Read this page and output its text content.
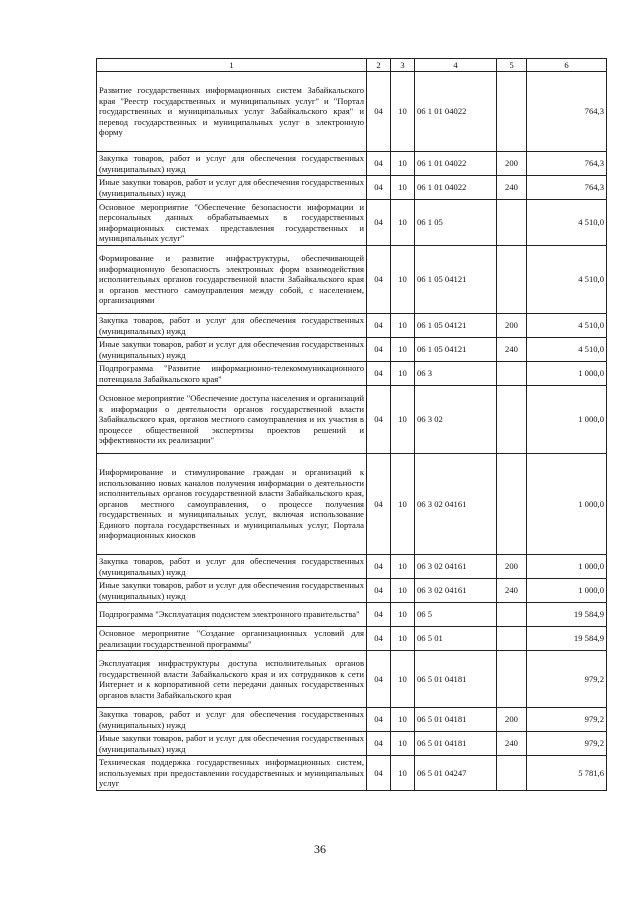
1	2	3	4	5	6
Развитие государственных информационных систем Забайкальского края "Реестр государственных и муниципальных услуг" и "Портал государственных и муниципальных услуг Забайкальского края" и перевод государственных и муниципальных услуг в электронную форму	04	10	06 1 01 04022		764,3
Закупка товаров, работ и услуг для обеспечения государственных (муниципальных) нужд	04	10	06 1 01 04022	200	764,3
Иные закупки товаров, работ и услуг для обеспечения государственных (муниципальных) нужд	04	10	06 1 01 04022	240	764,3
Основное мероприятие "Обеспечение безопасности информации и персональных данных обрабатываемых в государственных информационных системах представления государственных и муниципальных услуг"	04	10	06 1 05		4 510,0
Формирование и развитие инфраструктуры, обеспечивающей информационную безопасность электронных форм взаимодействия исполнительных органов государственной власти Забайкальского края и органов местного самоуправления между собой, с населением, организациями	04	10	06 1 05 04121		4 510,0
Закупка товаров, работ и услуг для обеспечения государственных (муниципальных) нужд	04	10	06 1 05 04121	200	4 510,0
Иные закупки товаров, работ и услуг для обеспечения государственных (муниципальных) нужд	04	10	06 1 05 04121	240	4 510,0
Подпрограмма "Развитие информационно-телекоммуникационного потенциала Забайкальского края"	04	10	06 3		1 000,0
Основное мероприятие "Обеспечение доступа населения и организаций к информации о деятельности органов государственной власти Забайкальского края, органов местного самоуправления и их участия в процессе общественной экспертизы проектов решений и эффективности их реализации"	04	10	06 3 02		1 000,0
Информирование и стимулирование граждан и организаций к использованию новых каналов получения информации о деятельности исполнительных органов государственной власти Забайкальского края, органов местного самоуправления, о процессе получения государственных и муниципальных услуг, включая использование Единого портала государственных и муниципальных услуг, Портала информационных киосков	04	10	06 3 02 04161		1 000,0
Закупка товаров, работ и услуг для обеспечения государственных (муниципальных) нужд	04	10	06 3 02 04161	200	1 000,0
Иные закупки товаров, работ и услуг для обеспечения государственных (муниципальных) нужд	04	10	06 3 02 04161	240	1 000,0
Подпрограмма "Эксплуатация подсистем электронного правительства"	04	10	06 5		19 584,9
Основное мероприятие "Создание организационных условий для реализации государственной программы"	04	10	06 5 01		19 584,9
Эксплуатация инфраструктуры доступа исполнительных органов государственной власти Забайкальского края и их сотрудников к сети Интернет и к корпоративной сети передачи данных государственных органов власти Забайкальского края	04	10	06 5 01 04181		979,2
Закупка товаров, работ и услуг для обеспечения государственных (муниципальных) нужд	04	10	06 5 01 04181	200	979,2
Иные закупки товаров, работ и услуг для обеспечения государственных (муниципальных) нужд	04	10	06 5 01 04181	240	979,2
Техническая поддержка государственных информационных систем, используемых при предоставлении государственных и муниципальных услуг	04	10	06 5 01 04247		5 781,6
36
